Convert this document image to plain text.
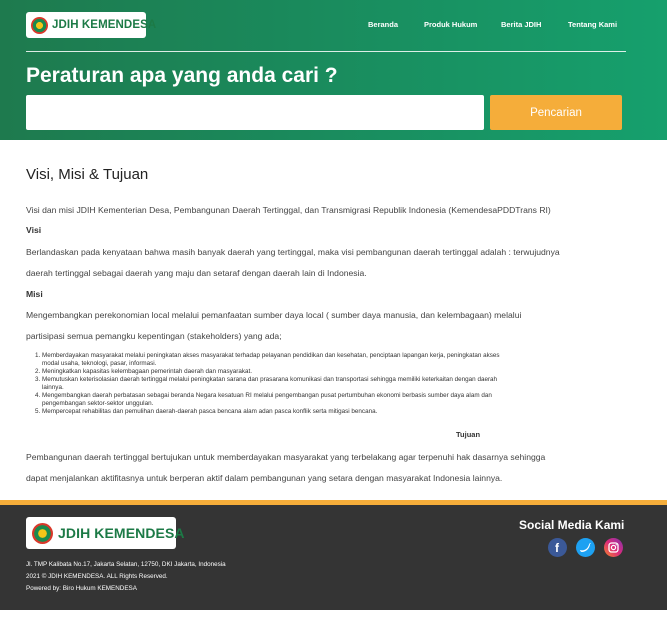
JDIH KEMENDESA	Beranda	Produk Hukum	Berita JDIH	Tentang Kami
Peraturan apa yang anda cari ?
Pencarian
Visi, Misi & Tujuan
Visi dan misi JDIH Kementerian Desa, Pembangunan Daerah Tertinggal, dan Transmigrasi Republik Indonesia (KemendesaPDDTrans RI)
Visi
Berlandaskan pada kenyataan bahwa masih banyak daerah yang tertinggal, maka visi pembangunan daerah tertinggal adalah : terwujudnya
daerah tertinggal sebagai daerah yang maju dan setaraf dengan daerah lain di Indonesia.
Misi
Mengembangkan perekonomian local melalui pemanfaatan sumber daya local ( sumber daya manusia, dan kelembagaan) melalui
partisipasi semua pemangku kepentingan (stakeholders) yang ada;
1. Memberdayakan masyarakat melalui peningkatan akses masyarakat terhadap pelayanan pendidikan dan kesehatan, penciptaan lapangan kerja, peningkatan akses
modal usaha, teknologi, pasar, informasi.
2. Meningkatkan kapasitas kelembagaan pemerintah daerah dan masyarakat.
3. Memutuskan keterisolasian daerah tertinggal melalui peningkatan sarana dan prasarana komunikasi dan transportasi sehingga memiliki keterkaitan dengan daerah
lainnya.
4. Mengembangkan daerah perbatasan sebagai beranda Negara kesatuan RI melalui pengembangan pusat pertumbuhan ekonomi berbasis sumber daya alam dan
pengembangan sektor-sektor unggulan.
5. Mempercepat rehabilitas dan pemulihan daerah-daerah pasca bencana alam adan pasca konflik serta mitigasi bencana.
Tujuan
Pembangunan daerah tertinggal bertujukan untuk memberdayakan masyarakat yang terbelakang agar terpenuhi hak dasarnya sehingga
dapat menjalankan aktifitasnya untuk berperan aktif dalam pembangunan yang setara dengan masyarakat Indonesia lainnya.
JDIH KEMENDESA
Jl. TMP Kalibata No.17, Jakarta Selatan, 12750, DKI Jakarta, Indonesia
2021 © JDIH KEMENDESA. ALL Rights Reserved.
Powered by: Biro Hukum KEMENDESA
Social Media Kami
f
